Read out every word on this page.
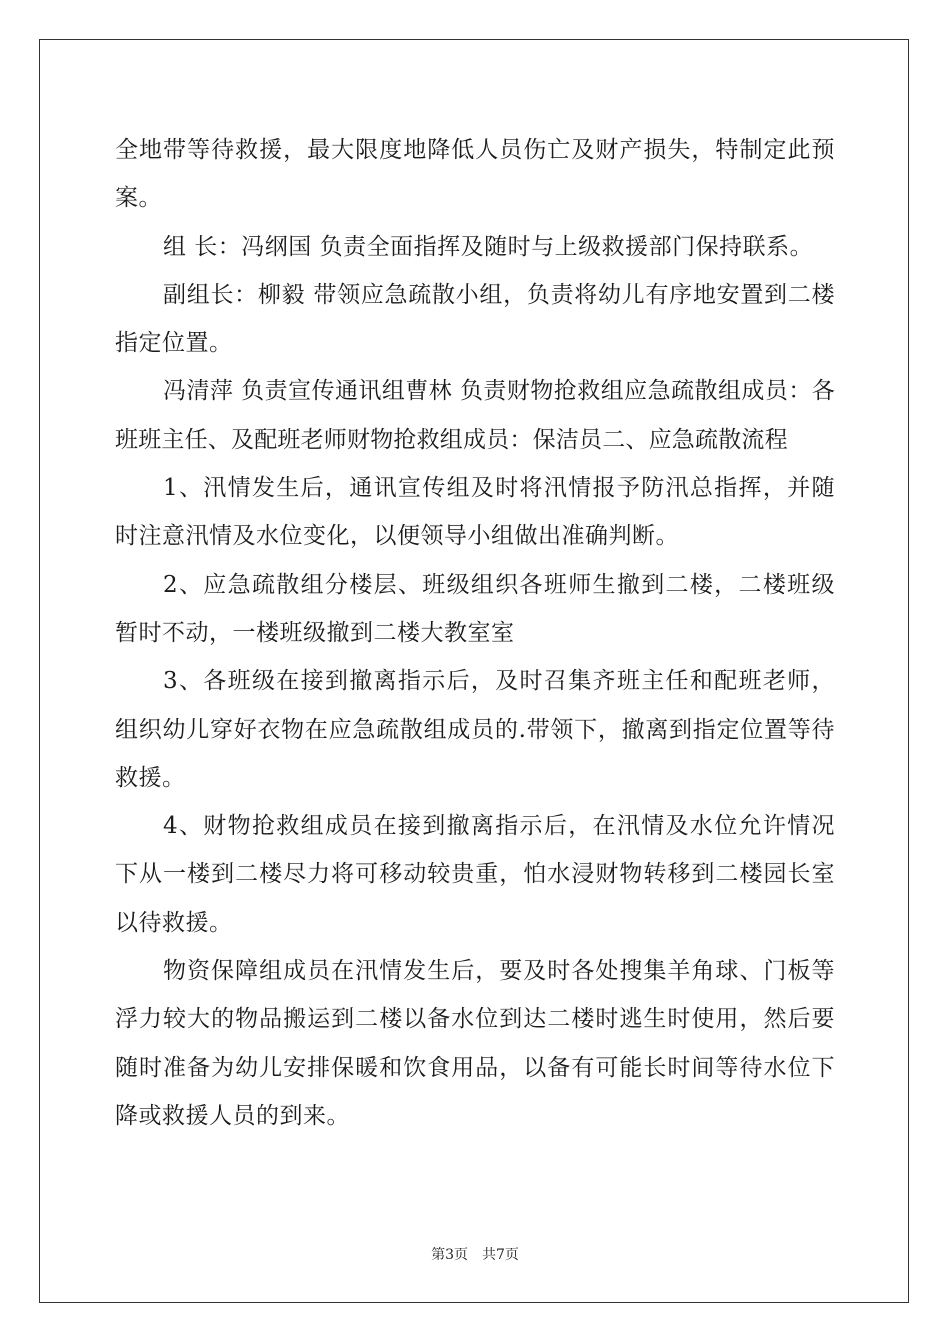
全地带等待救援，最大限度地降低人员伤亡及财产损失，特制定此预案。

组 长：冯纲国 负责全面指挥及随时与上级救援部门保持联系。

副组长：柳毅 带领应急疏散小组，负责将幼儿有序地安置到二楼指定位置。

冯清萍 负责宣传通讯组曹林 负责财物抢救组应急疏散组成员：各班班主任、及配班老师财物抢救组成员：保洁员二、应急疏散流程

1、汛情发生后，通讯宣传组及时将汛情报予防汛总指挥，并随时注意汛情及水位变化，以便领导小组做出准确判断。

2、应急疏散组分楼层、班级组织各班师生撤到二楼，二楼班级暂时不动，一楼班级撤到二楼大教室室

3、各班级在接到撤离指示后，及时召集齐班主任和配班老师，组织幼儿穿好衣物在应急疏散组成员的.带领下，撤离到指定位置等待救援。

4、财物抢救组成员在接到撤离指示后，在汛情及水位允许情况下从一楼到二楼尽力将可移动较贵重，怕水浸财物转移到二楼园长室以待救援。

物资保障组成员在汛情发生后，要及时各处搜集羊角球、门板等浮力较大的物品搬运到二楼以备水位到达二楼时逃生时使用，然后要随时准备为幼儿安排保暖和饮食用品，以备有可能长时间等待水位下降或救援人员的到来。

第3页 共7页
